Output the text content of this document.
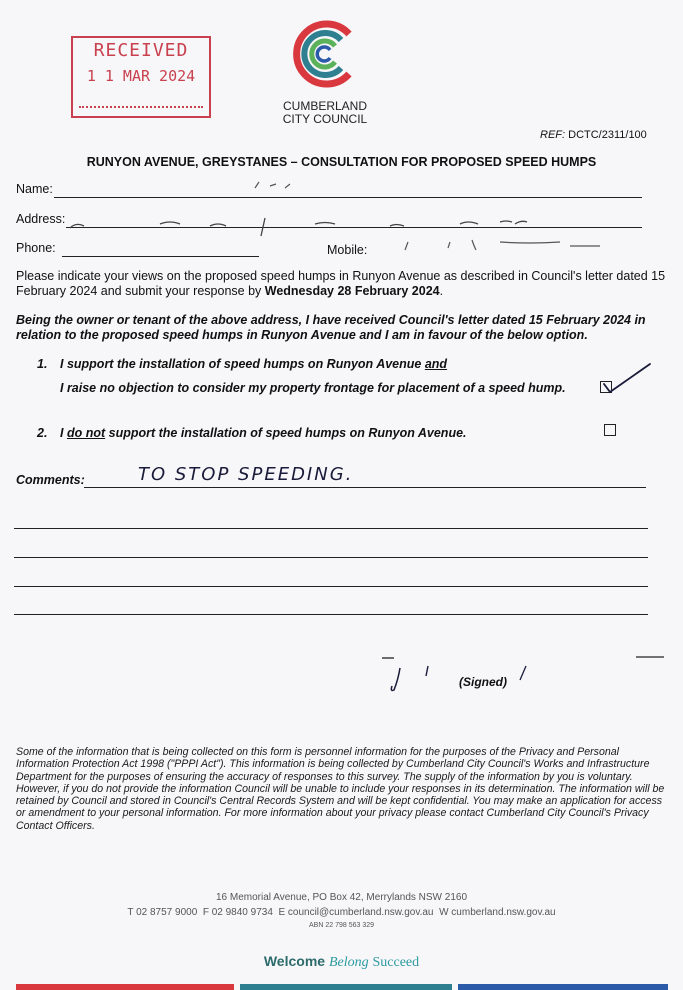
RECEIVED
1 1 MAR 2024
CUMBERLAND
CITY COUNCIL
REF: DCTC/2311/100
RUNYON AVENUE, GREYSTANES – CONSULTATION FOR PROPOSED SPEED HUMPS
Name:
Address:
Phone:	Mobile:
Please indicate your views on the proposed speed humps in Runyon Avenue as described in Council's letter dated 15 February 2024 and submit your response by Wednesday 28 February 2024.
Being the owner or tenant of the above address, I have received Council's letter dated 15 February 2024 in relation to the proposed speed humps in Runyon Avenue and I am in favour of the below option.
1. I support the installation of speed humps on Runyon Avenue and
I raise no objection to consider my property frontage for placement of a speed hump.
2. I do not support the installation of speed humps on Runyon Avenue.
Comments:	TO STOP SPEEDING.
(Signed)
Some of the information that is being collected on this form is personnel information for the purposes of the Privacy and Personal Information Protection Act 1998 ("PPPI Act"). This information is being collected by Cumberland City Council's Works and Infrastructure Department for the purposes of ensuring the accuracy of responses to this survey. The supply of the information by you is voluntary. However, if you do not provide the information Council will be unable to include your responses in its determination. The information will be retained by Council and stored in Council's Central Records System and will be kept confidential. You may make an application for access or amendment to your personal information. For more information about your privacy please contact Cumberland City Council's Privacy Contact Officers.
16 Memorial Avenue, PO Box 42, Merrylands NSW 2160
T 02 8757 9000 F 02 9840 9734 E council@cumberland.nsw.gov.au W cumberland.nsw.gov.au
ABN 22 798 563 329
Welcome Belong Succeed
